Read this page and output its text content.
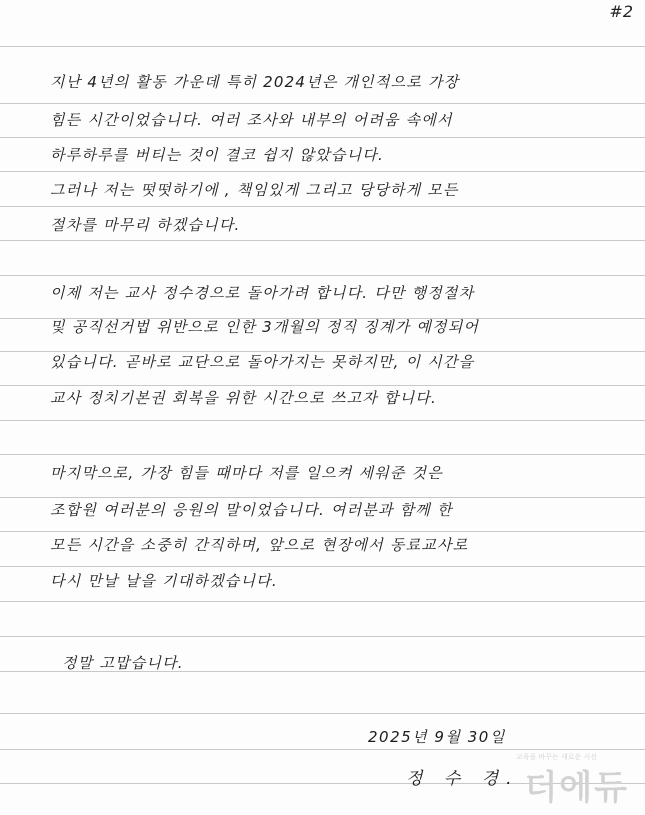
#2
지난 4년의 활동 가운데 특히 2024년은 개인적으로 가장
힘든 시간이었습니다. 여러 조사와 내부의 어려움 속에서
하루하루를 버티는 것이 결코 쉽지 않았습니다.
그러나 저는 떳떳하기에 , 책임있게 그리고 당당하게 모든
절차를 마무리 하겠습니다.
이제 저는 교사 정수경으로 돌아가려 합니다. 다만 행정절차
및 공직선거법 위반으로 인한 3개월의 정직 징계가 예정되어
있습니다. 곧바로 교단으로 돌아가지는 못하지만, 이 시간을
교사 정치기본권 회복을 위한 시간으로 쓰고자 합니다.
마지막으로, 가장 힘들 때마다 저를 일으켜 세워준 것은
조합원 여러분의 응원의 말이었습니다. 여러분과 함께 한
모든 시간을 소중히 간직하며, 앞으로 현장에서 동료교사로
다시 만날 날을 기대하겠습니다.
정말 고맙습니다.
2025년 9월 30일
정 수 경.
교육을 바꾸는 새로운 시선
더에듀
